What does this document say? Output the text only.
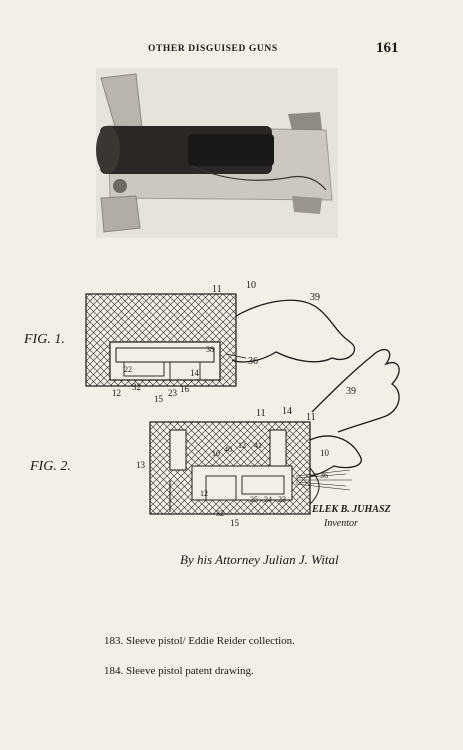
OTHER DISGUISED GUNS	161
FIG. 1.
11 10
39
36
39
12
22
32
15
23 16
14
38
FIG. 2.
11 14
11
13
10 40 12 41
10
36
12
32
15
25 24 23
ELEK B. JUHASZ
Inventor
By his Attorney Julian J. Wital

183. Sleeve pistol/ Eddie Reider collection.

184. Sleeve pistol patent drawing.
